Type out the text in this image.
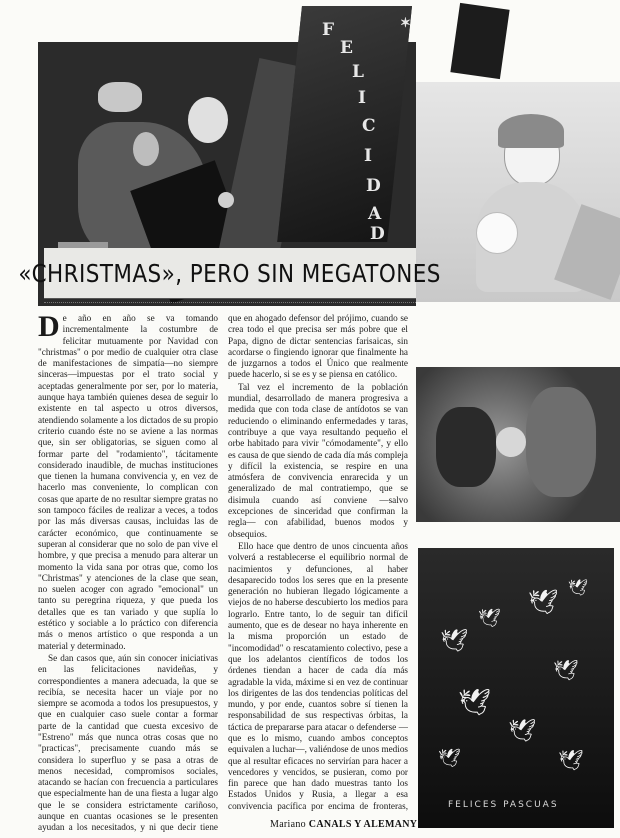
✶
🕊
🕊
🕊
🕊
🕊
🕊
🕊	🕊
🕊
FELICES PASCUAS
«CHRISTMAS», PERO SIN MEGATONES

De año en año se va tomando incrementalmente la costumbre de felicitar mutuamente por Navidad con "christmas" o por medio de cualquier otra clase de manifestaciones de simpatía—no siempre sinceras—impuestas por el trato social y aceptadas generalmente por ser, por lo materia, aunque haya también quienes desea de seguir lo existente en tal aspecto u otros diversos, atendiendo solamente a los dictados de su propio criterio cuando éste no se aviene a las normas que, sin ser obligatorias, se siguen como al formar parte del "rodamiento", tácitamente considerado inaudible, de muchas instituciones que tienen la humana convivencia y, en vez de hacerlo mas conveniente, lo complican con cosas que aparte de no resultar siempre gratas no son tampoco fáciles de realizar a veces, a todos por las más diversas causas, incluidas las de carácter económico, que continuamente se superan al considerar que no solo de pan vive el hombre, y que precisa a menudo para alterar un momento la vida sana por otras que, como los "Christmas" y atenciones de la clase que sean, no suelen acoger con agrado "emocional" un tanto su peregrina riqueza, y que pueda los detalles que es tan variado y que suplía lo estético y sociable a lo práctico con diferencia más o menos artístico o que responda a un material y determinado.

Se dan casos que, aún sin conocer iniciativas en las felicitaciones navideñas, y correspondientes a manera adecuada, la que se recibía, se necesita hacer un viaje por no siempre se acomoda a todos los presupuestos, y que en cualquier caso suele contar a formar parte de la cantidad que cuesta excesivo de "Estreno" más que nunca otras cosas que no "practicas", precisamente cuando más se considera lo superfluo y se pasa a otras de menos necesidad, compromisos sociales, atacando se hacían con frecuencia a particulares que especialmente han de una fiesta a lugar algo que le se considera estrictamente cariñoso, aunque en cuantas ocasiones se le presenten ayudan a los necesitados, y ni que decir tiene

que en ahogado defensor del prójimo, cuando se crea todo el que precisa ser más pobre que el Papa, digno de dictar sentencias farisaicas, sin acordarse o fingiendo ignorar que finalmente ha de juzgarnos a todos el Único que realmente puede hacerlo, si se es y se piensa en católico.

Tal vez el incremento de la población mundial, desarrollado de manera progresiva a medida que con toda clase de antídotos se van reduciendo o eliminando enfermedades y taras, contribuye a que vaya resultando pequeño el orbe habitado para vivir "cómodamente", y ello es causa de que siendo de cada día más compleja y difícil la existencia, se respire en una atmósfera de convivencia enrarecida y un generalizado de mal contratiempo, que se disimula cuando así conviene —salvo excepciones de sinceridad que confirman la regla— con afabilidad, buenos modos y obsequios.

Ello hace que dentro de unos cincuenta años volverá a restablecerse el equilibrio normal de nacimientos y defunciones, al haber desaparecido todos los seres que en la presente generación no hubieran llegado lógicamente a viejos de no haberse descubierto los medios para lograrlo. Entre tanto, lo de seguir tan difícil aumento, que es de desear no haya inherente en la misma proporción un estado de "incomodidad" o rescatamiento colectivo, pese a que los adelantos científicos de todos los órdenes tiendan a hacer de cada día más agradable la vida, máxime si en vez de continuar los dirigentes de las dos tendencias políticas del mundo, y por ende, cuantos sobre sí tienen la responsabilidad de sus respectivas órbitas, la táctica de prepararse para atacar o defenderse —que es lo mismo, cuando ambos conceptos equivalen a luchar—, valiéndose de unos medios que al resultar eficaces no servirían para hacer a vencedores y vencidos, se pusieran, como por fin parece que han dado muestras tanto los Estados Unidos y Rusia, a llegar a esa convivencia pacífica por encima de fronteras,

Mariano CANALS Y ALEMANY
F
E
L
I
C
I
D
A
D
